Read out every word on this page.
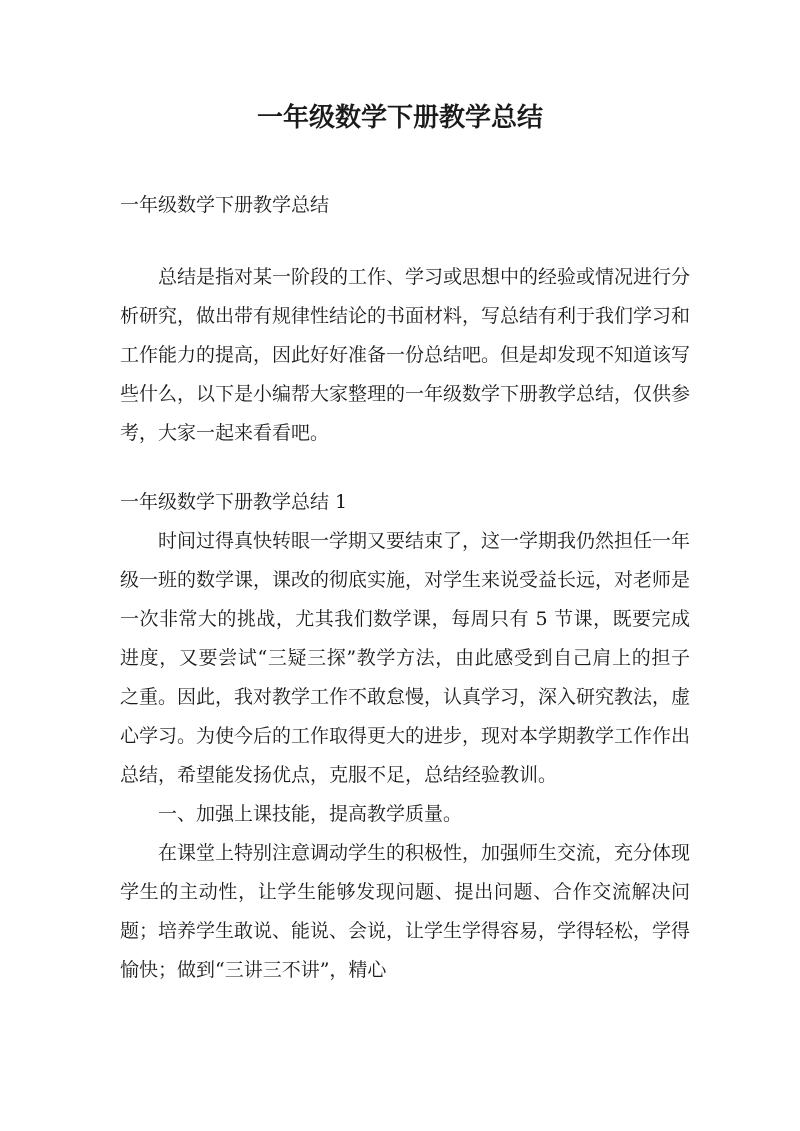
一年级数学下册教学总结

一年级数学下册教学总结

总结是指对某一阶段的工作、学习或思想中的经验或情况进行分析研究，做出带有规律性结论的书面材料，写总结有利于我们学习和工作能力的提高，因此好好准备一份总结吧。但是却发现不知道该写些什么，以下是小编帮大家整理的一年级数学下册教学总结，仅供参考，大家一起来看看吧。

一年级数学下册教学总结 1

时间过得真快转眼一学期又要结束了，这一学期我仍然担任一年级一班的数学课，课改的彻底实施，对学生来说受益长远，对老师是一次非常大的挑战，尤其我们数学课，每周只有 5 节课，既要完成进度，又要尝试“三疑三探”教学方法，由此感受到自己肩上的担子之重。因此，我对教学工作不敢怠慢，认真学习，深入研究教法，虚心学习。为使今后的工作取得更大的进步，现对本学期教学工作作出总结，希望能发扬优点，克服不足，总结经验教训。

一、加强上课技能，提高教学质量。

在课堂上特别注意调动学生的积极性，加强师生交流，充分体现学生的主动性，让学生能够发现问题、提出问题、合作交流解决问题；培养学生敢说、能说、会说，让学生学得容易，学得轻松，学得愉快；做到“三讲三不讲”，精心
